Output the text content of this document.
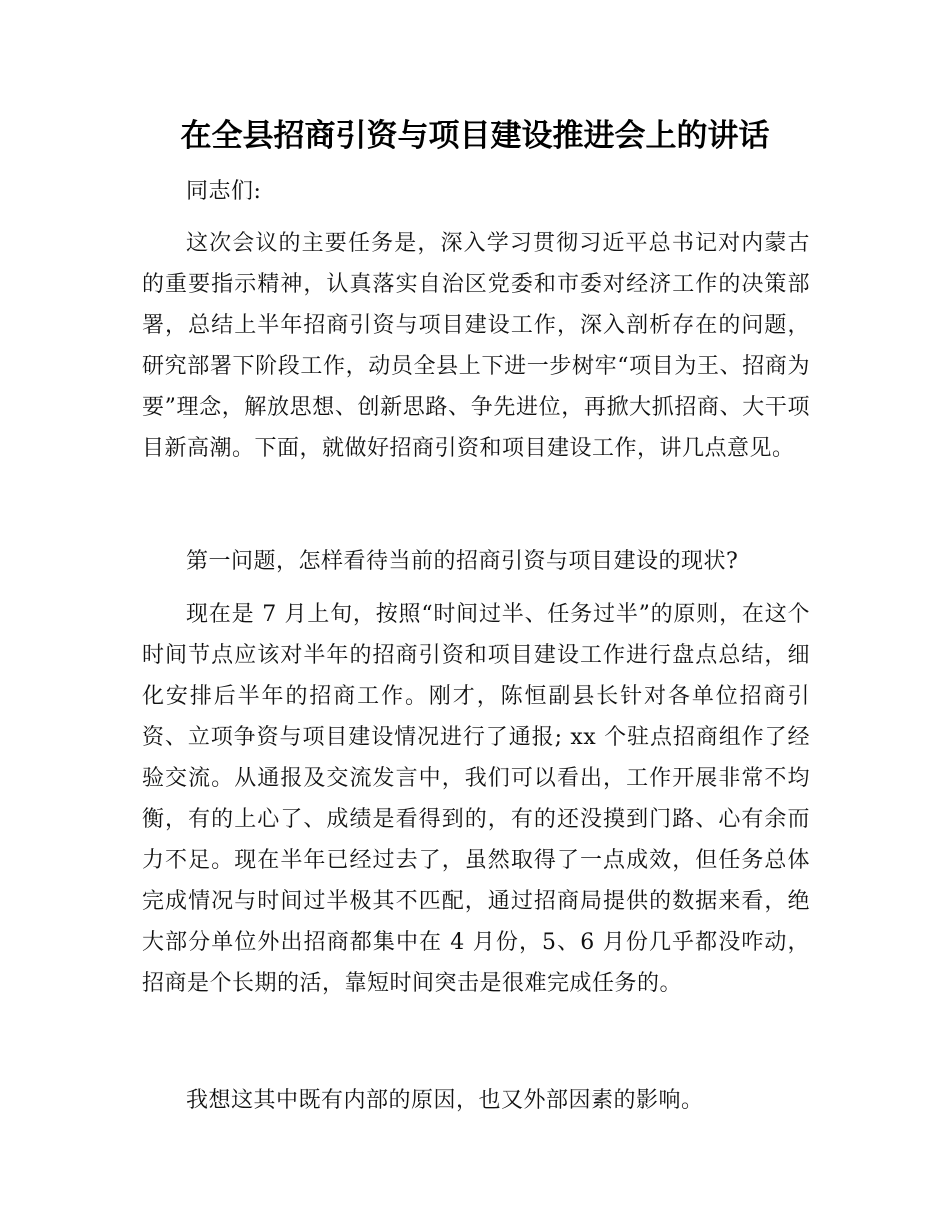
在全县招商引资与项目建设推进会上的讲话

同志们:

这次会议的主要任务是，深入学习贯彻习近平总书记对内蒙古的重要指示精神，认真落实自治区党委和市委对经济工作的决策部署，总结上半年招商引资与项目建设工作，深入剖析存在的问题，研究部署下阶段工作，动员全县上下进一步树牢“项目为王、招商为要”理念，解放思想、创新思路、争先进位，再掀大抓招商、大干项目新高潮。下面，就做好招商引资和项目建设工作，讲几点意见。

第一问题，怎样看待当前的招商引资与项目建设的现状?

现在是 7 月上旬，按照“时间过半、任务过半”的原则，在这个时间节点应该对半年的招商引资和项目建设工作进行盘点总结，细化安排后半年的招商工作。刚才，陈恒副县长针对各单位招商引资、立项争资与项目建设情况进行了通报; xx 个驻点招商组作了经验交流。从通报及交流发言中，我们可以看出，工作开展非常不均衡，有的上心了、成绩是看得到的，有的还没摸到门路、心有余而力不足。现在半年已经过去了，虽然取得了一点成效，但任务总体完成情况与时间过半极其不匹配，通过招商局提供的数据来看，绝大部分单位外出招商都集中在 4 月份，5、6 月份几乎都没咋动，招商是个长期的活，靠短时间突击是很难完成任务的。

我想这其中既有内部的原因，也又外部因素的影响。
